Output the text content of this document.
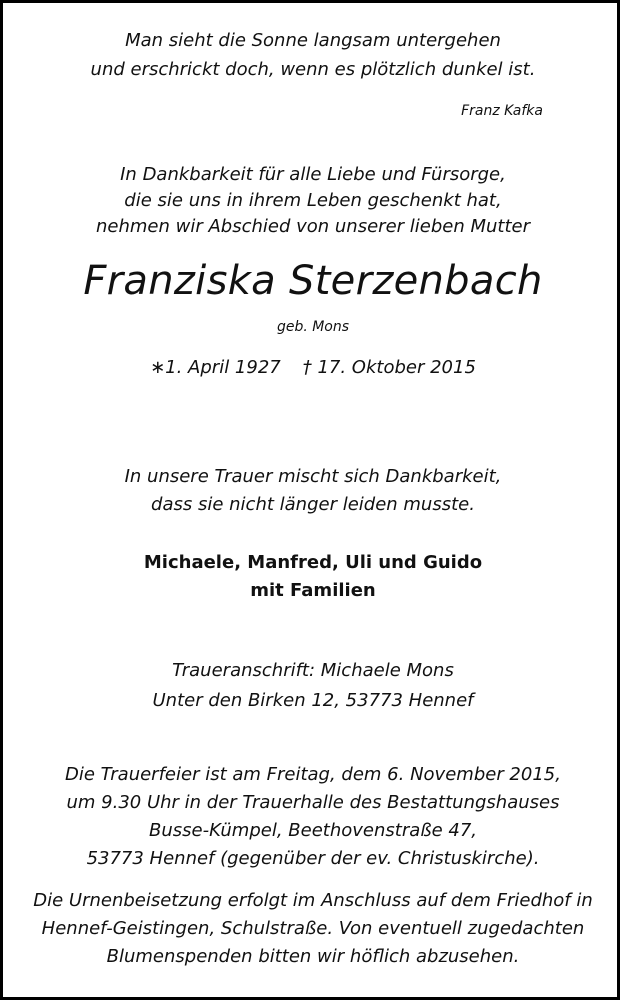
Man sieht die Sonne langsam untergehen
und erschrickt doch, wenn es plötzlich dunkel ist.
Franz Kafka
In Dankbarkeit für alle Liebe und Fürsorge,
die sie uns in ihrem Leben geschenkt hat,
nehmen wir Abschied von unserer lieben Mutter
Franziska Sterzenbach
geb. Mons
∗1. April 1927 † 17. Oktober 2015
In unsere Trauer mischt sich Dankbarkeit,
dass sie nicht länger leiden musste.
Michaele, Manfred, Uli und Guido
mit Familien
Traueranschrift: Michaele Mons
Unter den Birken 12, 53773 Hennef
Die Trauerfeier ist am Freitag, dem 6. November 2015,
um 9.30 Uhr in der Trauerhalle des Bestattungshauses
Busse-Kümpel, Beethovenstraße 47,
53773 Hennef (gegenüber der ev. Christuskirche).
Die Urnenbeisetzung erfolgt im Anschluss auf dem Friedhof in
Hennef-Geistingen, Schulstraße. Von eventuell zugedachten
Blumenspenden bitten wir höflich abzusehen.
